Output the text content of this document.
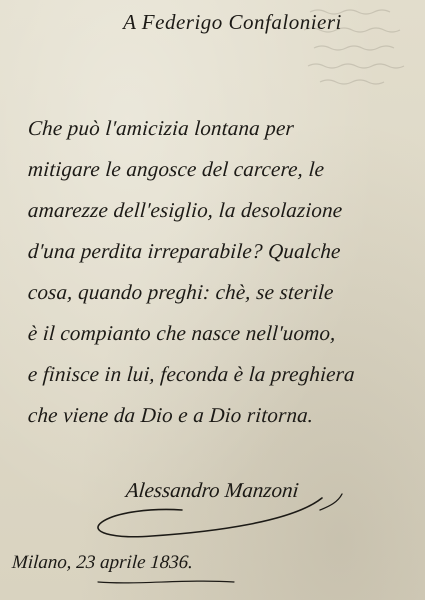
A Federigo Confalonieri
Che può l'amicizia lontana per
mitigare le angosce del carcere, le
amarezze dell'esiglio, la desolazione
d'una perdita irreparabile? Qualche
cosa, quando preghi: chè, se sterile
è il compianto che nasce nell'uomo,
e finisce in lui, feconda è la preghiera
che viene da Dio e a Dio ritorna.
Alessandro Manzoni
Milano, 23 aprile 1836.
